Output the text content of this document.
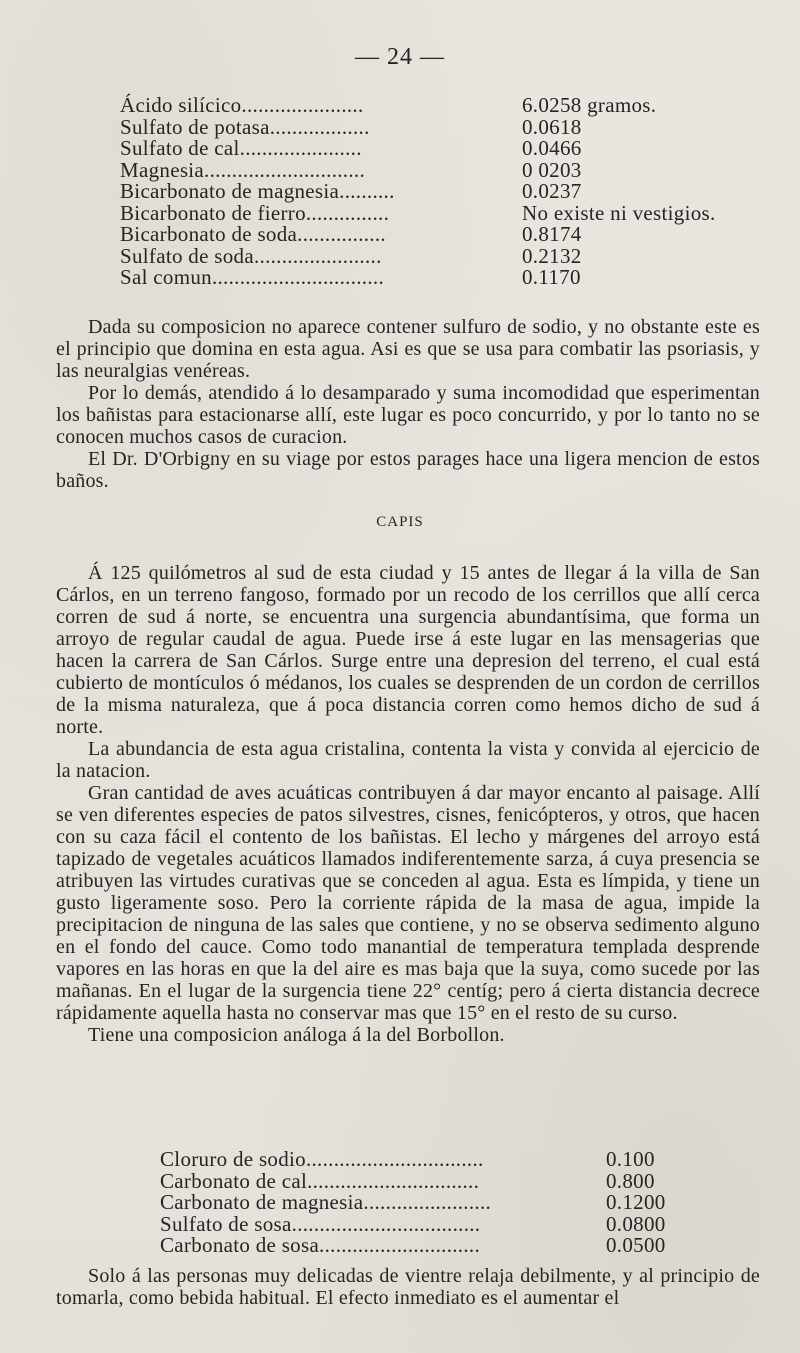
— 24 —
Ácido silícico......................	6.0258 gramos.
Sulfato de potasa..................	0.0618
Sulfato de cal......................	0.0466
Magnesia.............................	0 0203
Bicarbonato de magnesia..........	0.0237
Bicarbonato de fierro...............	No existe ni vestigios.
Bicarbonato de soda................	0.8174
Sulfato de soda.......................	0.2132
Sal comun...............................	0.1170

Dada su composicion no aparece contener sulfuro de sodio, y no obstante este es el principio que domina en esta agua. Asi es que se usa para combatir las psoriasis, y las neuralgias venéreas.

Por lo demás, atendido á lo desamparado y suma incomodidad que esperimentan los bañistas para estacionarse allí, este lugar es poco concurrido, y por lo tanto no se conocen muchos casos de curacion.

El Dr. D'Orbigny en su viage por estos parages hace una ligera mencion de estos baños.

CAPIS

Á 125 quilómetros al sud de esta ciudad y 15 antes de llegar á la villa de San Cárlos, en un terreno fangoso, formado por un recodo de los cerrillos que allí cerca corren de sud á norte, se encuentra una surgencia abundantísima, que forma un arroyo de regular caudal de agua. Puede irse á este lugar en las mensagerias que hacen la carrera de San Cárlos. Surge entre una depresion del terreno, el cual está cubierto de montículos ó médanos, los cuales se desprenden de un cordon de cerrillos de la misma naturaleza, que á poca distancia corren como hemos dicho de sud á norte.

La abundancia de esta agua cristalina, contenta la vista y convida al ejercicio de la natacion.

Gran cantidad de aves acuáticas contribuyen á dar mayor encanto al paisage. Allí se ven diferentes especies de patos silvestres, cisnes, fenicópteros, y otros, que hacen con su caza fácil el contento de los bañistas. El lecho y márgenes del arroyo está tapizado de vegetales acuáticos llamados indiferentemente sarza, á cuya presencia se atribuyen las virtudes curativas que se conceden al agua. Esta es límpida, y tiene un gusto ligeramente soso. Pero la corriente rápida de la masa de agua, impide la precipitacion de ninguna de las sales que contiene, y no se observa sedimento alguno en el fondo del cauce. Como todo manantial de temperatura templada desprende vapores en las horas en que la del aire es mas baja que la suya, como sucede por las mañanas. En el lugar de la surgencia tiene 22° centíg; pero á cierta distancia decrece rápidamente aquella hasta no conservar mas que 15° en el resto de su curso.

Tiene una composicion análoga á la del Borbollon.

Cloruro de sodio................................	0.100
Carbonato de cal...............................	0.800
Carbonato de magnesia.......................	0.1200
Sulfato de sosa..................................	0.0800
Carbonato de sosa.............................	0.0500

Solo á las personas muy delicadas de vientre relaja debilmente, y al principio de tomarla, como bebida habitual. El efecto inmediato es el aumentar el
